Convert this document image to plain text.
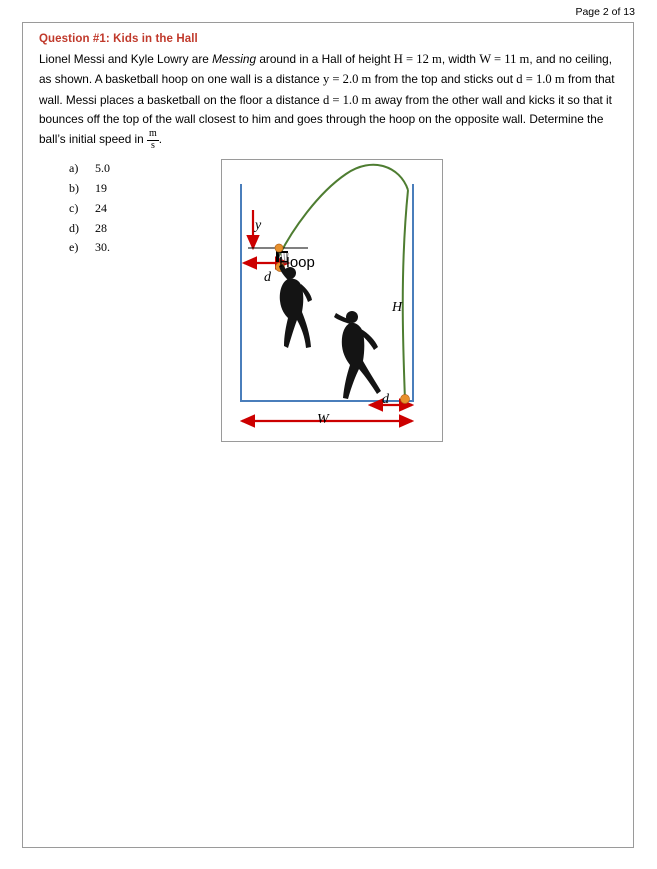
Page 2 of 13
Question #1: Kids in the Hall
Lionel Messi and Kyle Lowry are Messing around in a Hall of height H = 12 m, width W = 11 m, and no ceiling, as shown. A basketball hoop on one wall is a distance y = 2.0 m from the top and sticks out d = 1.0 m from that wall. Messi places a basketball on the floor a distance d = 1.0 m away from the other wall and kicks it so that it bounces off the top of the wall closest to him and goes through the hoop on the opposite wall. Determine the ball’s initial speed in $\frac{m}{s}$ .
a)	5.0
b)	19
c)	24
d)	28
e)	30.
y
d
Hoop
H
W
d
